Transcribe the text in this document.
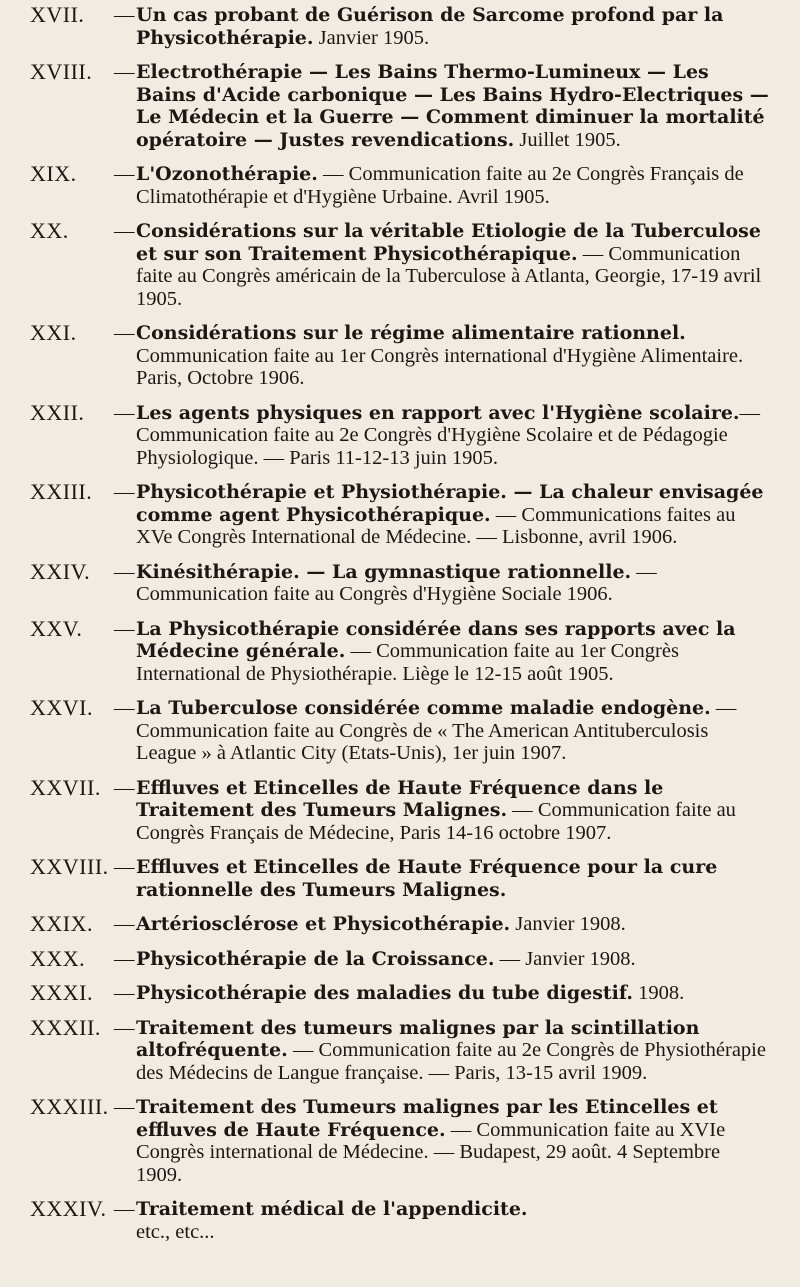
XVII.	— Un cas probant de Guérison de Sarcome profond par la Physicothérapie. Janvier 1905.
XVIII.	— Electrothérapie — Les Bains Thermo-Lumineux — Les Bains d'Acide carbonique — Les Bains Hydro-Electriques — Le Médecin et la Guerre — Comment diminuer la mortalité opératoire — Justes revendications. Juillet 1905.
XIX.	— L'Ozonothérapie. — Communication faite au 2e Congrès Français de Climatothérapie et d'Hygiène Urbaine. Avril 1905.
XX.	— Considérations sur la véritable Etiologie de la Tuberculose et sur son Traitement Physicothérapique. — Communication faite au Congrès américain de la Tuberculose à Atlanta, Georgie, 17-19 avril 1905.
XXI.	— Considérations sur le régime alimentaire rationnel. Communication faite au 1er Congrès international d'Hygiène Alimentaire. Paris, Octobre 1906.
XXII.	— Les agents physiques en rapport avec l'Hygiène scolaire.— Communication faite au 2e Congrès d'Hygiène Scolaire et de Pédagogie Physiologique. — Paris 11-12-13 juin 1905.
XXIII.	— Physicothérapie et Physiothérapie. — La chaleur envisagée comme agent Physicothérapique. — Communications faites au XVe Congrès International de Médecine. — Lisbonne, avril 1906.
XXIV.	— Kinésithérapie. — La gymnastique rationnelle. — Communication faite au Congrès d'Hygiène Sociale 1906.
XXV.	— La Physicothérapie considérée dans ses rapports avec la Médecine générale. — Communication faite au 1er Congrès International de Physiothérapie. Liège le 12-15 août 1905.
XXVI.	— La Tuberculose considérée comme maladie endogène. — Communication faite au Congrès de « The American Antituberculosis League » à Atlantic City (Etats-Unis), 1er juin 1907.
XXVII. — Effluves et Etincelles de Haute Fréquence dans le Traitement des Tumeurs Malignes. — Communication faite au Congrès Français de Médecine, Paris 14-16 octobre 1907.
XXVIII. — Effluves et Etincelles de Haute Fréquence pour la cure rationnelle des Tumeurs Malignes.
XXIX.	— Artériosclérose et Physicothérapie. Janvier 1908.
XXX.	— Physicothérapie de la Croissance. — Janvier 1908.
XXXI.	— Physicothérapie des maladies du tube digestif. 1908.
XXXII. — Traitement des tumeurs malignes par la scintillation altofréquente. — Communication faite au 2e Congrès de Physiothérapie des Médecins de Langue française. — Paris, 13-15 avril 1909.
XXXIII. — Traitement des Tumeurs malignes par les Etincelles et effluves de Haute Fréquence. — Communication faite au XVIe Congrès international de Médecine. — Budapest, 29 août. 4 Septembre 1909.
XXXIV. — Traitement médical de l'appendicite.
etc., etc...
